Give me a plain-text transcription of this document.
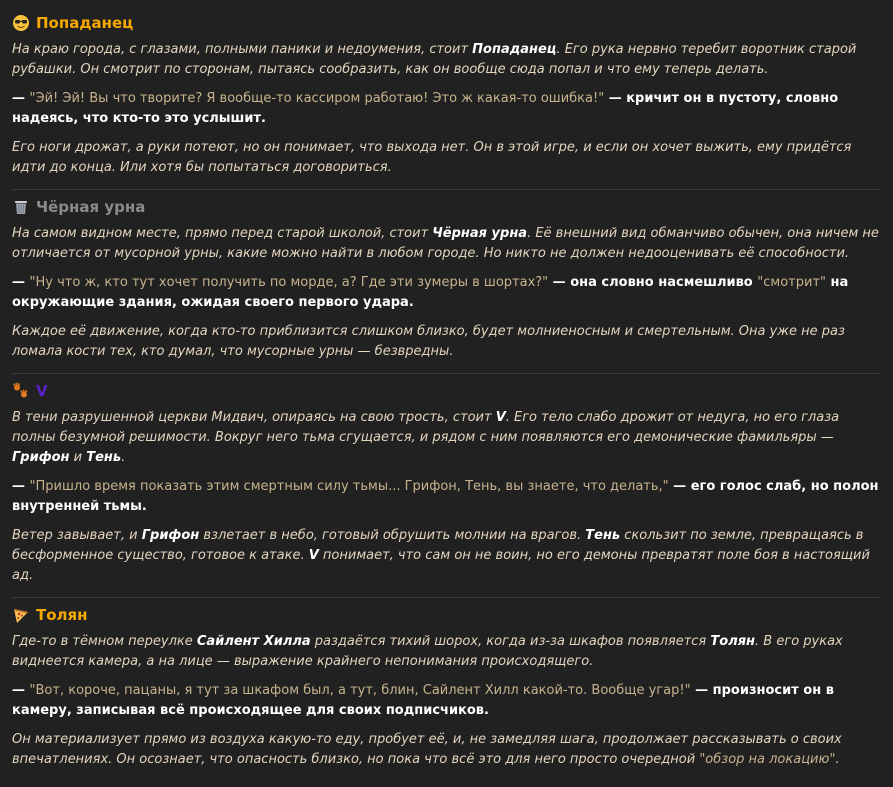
Попаданец

На краю города, с глазами, полными паники и недоумения, стоит Попаданец. Его рука нервно теребит воротник старой рубашки. Он смотрит по сторонам, пытаясь сообразить, как он вообще сюда попал и что ему теперь делать.

— "Эй! Эй! Вы что творите? Я вообще-то кассиром работаю! Это ж какая-то ошибка!" — кричит он в пустоту, словно надеясь, что кто-то это услышит.

Его ноги дрожат, а руки потеют, но он понимает, что выхода нет. Он в этой игре, и если он хочет выжить, ему придётся идти до конца. Или хотя бы попытаться договориться.

Чёрная урна

На самом видном месте, прямо перед старой школой, стоит Чёрная урна. Её внешний вид обманчиво обычен, она ничем не отличается от мусорной урны, какие можно найти в любом городе. Но никто не должен недооценивать её способности.

— "Ну что ж, кто тут хочет получить по морде, а? Где эти зумеры в шортах?" — она словно насмешливо "смотрит" на окружающие здания, ожидая своего первого удара.

Каждое её движение, когда кто-то приблизится слишком близко, будет молниеносным и смертельным. Она уже не раз ломала кости тех, кто думал, что мусорные урны — безвредны.

V

В тени разрушенной церкви Мидвич, опираясь на свою трость, стоит V. Его тело слабо дрожит от недуга, но его глаза полны безумной решимости. Вокруг него тьма сгущается, и рядом с ним появляются его демонические фамильяры — Грифон и Тень.

— "Пришло время показать этим смертным силу тьмы... Грифон, Тень, вы знаете, что делать," — его голос слаб, но полон внутренней тьмы.

Ветер завывает, и Грифон взлетает в небо, готовый обрушить молнии на врагов. Тень скользит по земле, превращаясь в бесформенное существо, готовое к атаке. V понимает, что сам он не воин, но его демоны превратят поле боя в настоящий ад.

Толян

Где-то в тёмном переулке Сайлент Хилла раздаётся тихий шорох, когда из-за шкафов появляется Толян. В его руках виднеется камера, а на лице — выражение крайнего непонимания происходящего.

— "Вот, короче, пацаны, я тут за шкафом был, а тут, блин, Сайлент Хилл какой-то. Вообще угар!" — произносит он в камеру, записывая всё происходящее для своих подписчиков.

Он материализует прямо из воздуха какую-то еду, пробует её, и, не замедляя шага, продолжает рассказывать о своих впечатлениях. Он осознает, что опасность близко, но пока что всё это для него просто очередной "обзор на локацию".
